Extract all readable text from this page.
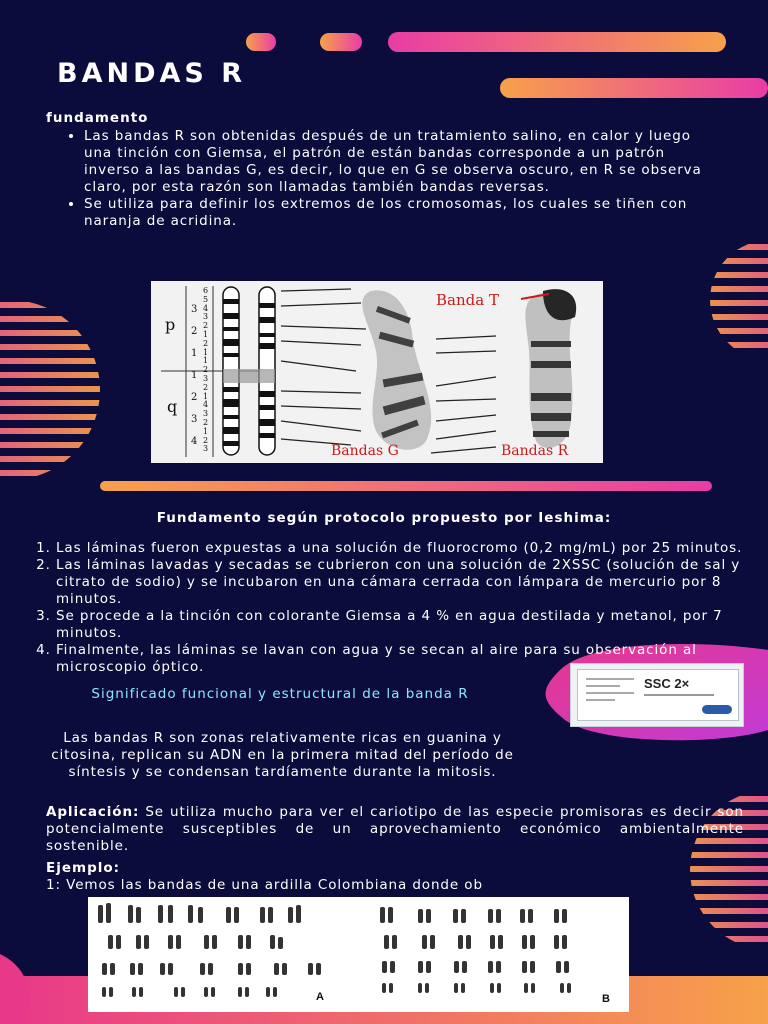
BANDAS R
fundamento
• Las bandas R son obtenidas después de un tratamiento salino, en calor y luego una tinción con Giemsa, el patrón de están bandas corresponde a un patrón inverso a las bandas G, es decir, lo que en G se observa oscuro, en R se observa claro, por esta razón son llamadas también bandas reversas.
• Se utiliza para definir los extremos de los cromosomas, los cuales se tiñen con naranja de acridina.
p
q
3
2
1
1
2
3
4
6
5
4
3
2
1
2
1
1
2
3
2
1
4
3
2
1
2
3
Banda T
Bandas G	Bandas R
Fundamento según protocolo propuesto por Ieshima:
1. Las láminas fueron expuestas a una solución de fluorocromo (0,2 mg/mL) por 25 minutos.
2. Las láminas lavadas y secadas se cubrieron con una solución de 2XSSC (solución de sal y citrato de sodio) y se incubaron en una cámara cerrada con lámpara de mercurio por 8 minutos.
3. Se procede a la tinción con colorante Giemsa a 4 % en agua destilada y metanol, por 7 minutos.
4. Finalmente, las láminas se lavan con agua y se secan al aire para su observación al microscopio óptico.
SSC 2×
Significado funcional y estructural de la banda R
Las bandas R son zonas relativamente ricas en guanina y citosina, replican su ADN en la primera mitad del período de síntesis y se condensan tardíamente durante la mitosis.
Aplicación: Se utiliza mucho para ver el cariotipo de las especie promisoras es decir son potencialmente susceptibles de un aprovechamiento económico ambientalmente sostenible.
Ejemplo:
1: Vemos las bandas de una ardilla Colombiana donde ob
A	B
